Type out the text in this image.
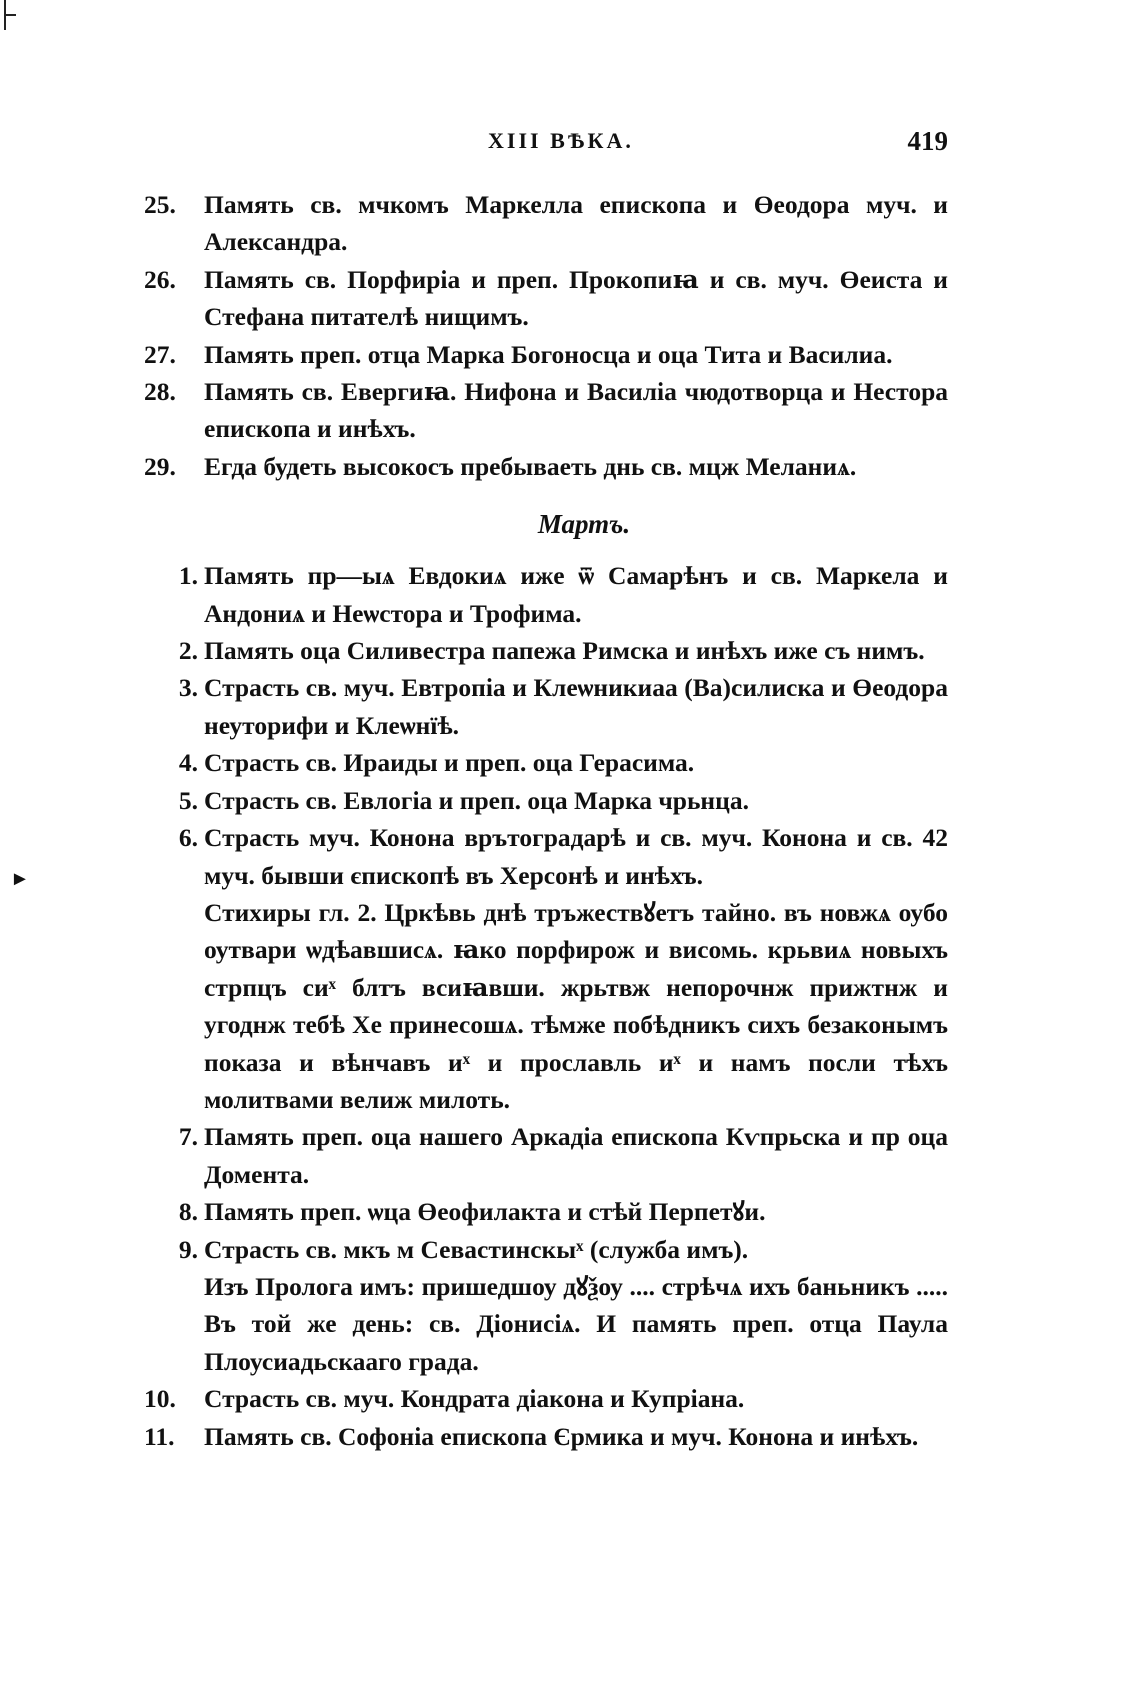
XIII ВѢКА.	419
►
25.	Память св. мчкомъ Маркелла епископа и Өеодора муч. и Александра.
26.	Память св. Порфиріа и преп. Прокопиꙗ и св. муч. Өеиста и Стефана питателѣ нищимъ.
27.	Память преп. отца Марка Богоносца и оца Тита и Василиа.
28.	Память св. Евергиꙗ. Нифона и Василіа чюдотворца и Нестора епископа и инѣхъ.
29.	Егда будеть высокосъ пребываеть днь св. мцж Меланиѧ.
Мартъ.
1. Память пр—ыѧ Евдокиѧ иже ѿ Самарѣнъ и св. Маркела и Андониѧ и Неѡстора и Трофима.
2. Память оца Силивестра папежа Римска и инѣхъ иже съ нимъ.
3. Страсть св. муч. Евтропіа и Клеѡникиаа (Ва)силиска и Өеодора неуторифи и Клеѡнїѣ.
4. Страсть св. Ираиды и преп. оца Герасима.
5. Страсть св. Евлогіа и преп. оца Марка чрьнца.
6. Страсть муч. Конона врътоградарѣ и св. муч. Конона и св. 42 муч. бывши єпископѣ въ Херсонѣ и инѣхъ.
Стихиры гл. 2. Цркѣвь днѣ тръжествꙋетъ тайно. въ новжѧ оубо оутвари ѡдѣавшисѧ. ꙗко порфирож и висомь. крьвиѧ новыхъ стрпцъ сиˣ блтъ всиꙗвши. жрьтвж непорочнж прижтнж и угоднж тебѣ Хе принесошѧ. тѣмже побѣдникъ сихъ безаконымъ показа и вѣнчавъ иˣ и прославль иˣ и намъ посли тѣхъ молитвами велиж милоть.
7. Память преп. оца нашего Аркадіа епископа Кѵпрьска и пр оца Домента.
8. Память преп. ѡца Өеофилакта и стѣй Перпетꙋи.
9. Страсть св. мкъ м Севастинскыˣ (служба имъ).
Изъ Пролога имъ: пришедшоу дꙋѯоу .... стрѣчѧ ихъ баньникъ ..... Въ той же день: св. Діонисіѧ. И память преп. отца Паула Плоусиадьскааго града.
10.	Страсть св. муч. Кондрата діакона и Купріана.
11.	Память св. Софоніа епископа Єрмика и муч. Конона и инѣхъ.
